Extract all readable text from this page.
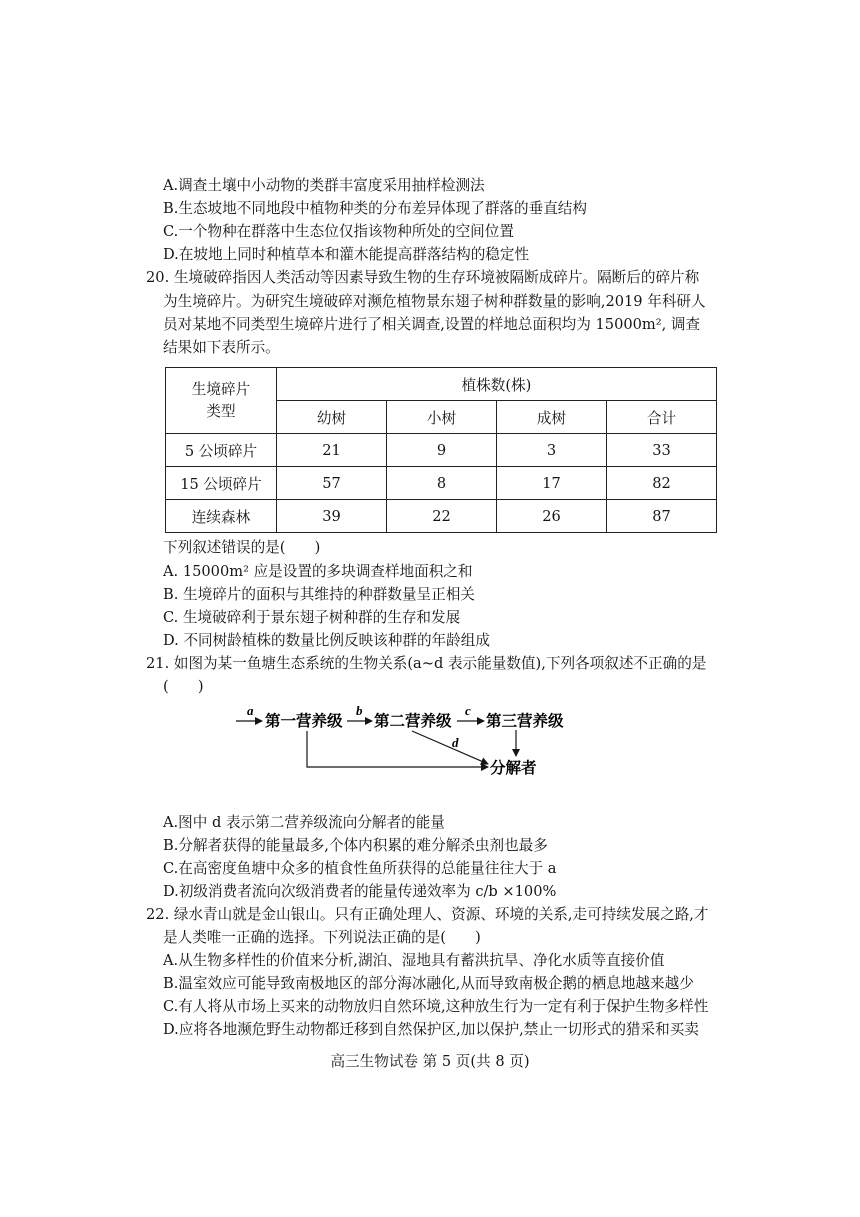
A.调查土壤中小动物的类群丰富度采用抽样检测法
B.生态坡地不同地段中植物种类的分布差异体现了群落的垂直结构
C.一个物种在群落中生态位仅指该物种所处的空间位置
D.在坡地上同时种植草本和灌木能提高群落结构的稳定性
20. 生境破碎指因人类活动等因素导致生物的生存环境被隔断成碎片。隔断后的碎片称
为生境碎片。为研究生境破碎对濒危植物景东翅子树种群数量的影响,2019 年科研人
员对某地不同类型生境碎片进行了相关调查,设置的样地总面积均为 15000m², 调查
结果如下表所示。
生境碎片
类型	植株数(株)			
	幼树	小树	成树	合计
5 公顷碎片	21	9	3	33
15 公顷碎片	57	8	17	82
连续森林	39	22	26	87
下列叙述错误的是(　　)
A. 15000m² 应是设置的多块调查样地面积之和
B. 生境碎片的面积与其维持的种群数量呈正相关
C. 生境破碎利于景东翅子树种群的生存和发展
D. 不同树龄植株的数量比例反映该种群的年龄组成
21. 如图为某一鱼塘生态系统的生物关系(a~d 表示能量数值),下列各项叙述不正确的是
(　　)
a
第一营养级
b
第二营养级
c
第三营养级
d
分解者
A.图中 d 表示第二营养级流向分解者的能量
B.分解者获得的能量最多,个体内积累的难分解杀虫剂也最多
C.在高密度鱼塘中众多的植食性鱼所获得的总能量往往大于 a
D.初级消费者流向次级消费者的能量传递效率为 c/b ×100%
22. 绿水青山就是金山银山。只有正确处理人、资源、环境的关系,走可持续发展之路,才
是人类唯一正确的选择。下列说法正确的是(　　)
A.从生物多样性的价值来分析,湖泊、湿地具有蓄洪抗旱、净化水质等直接价值
B.温室效应可能导致南极地区的部分海冰融化,从而导致南极企鹅的栖息地越来越少
C.有人将从市场上买来的动物放归自然环境,这种放生行为一定有利于保护生物多样性
D.应将各地濒危野生动物都迁移到自然保护区,加以保护,禁止一切形式的猎采和买卖
高三生物试卷 第 5 页(共 8 页)
